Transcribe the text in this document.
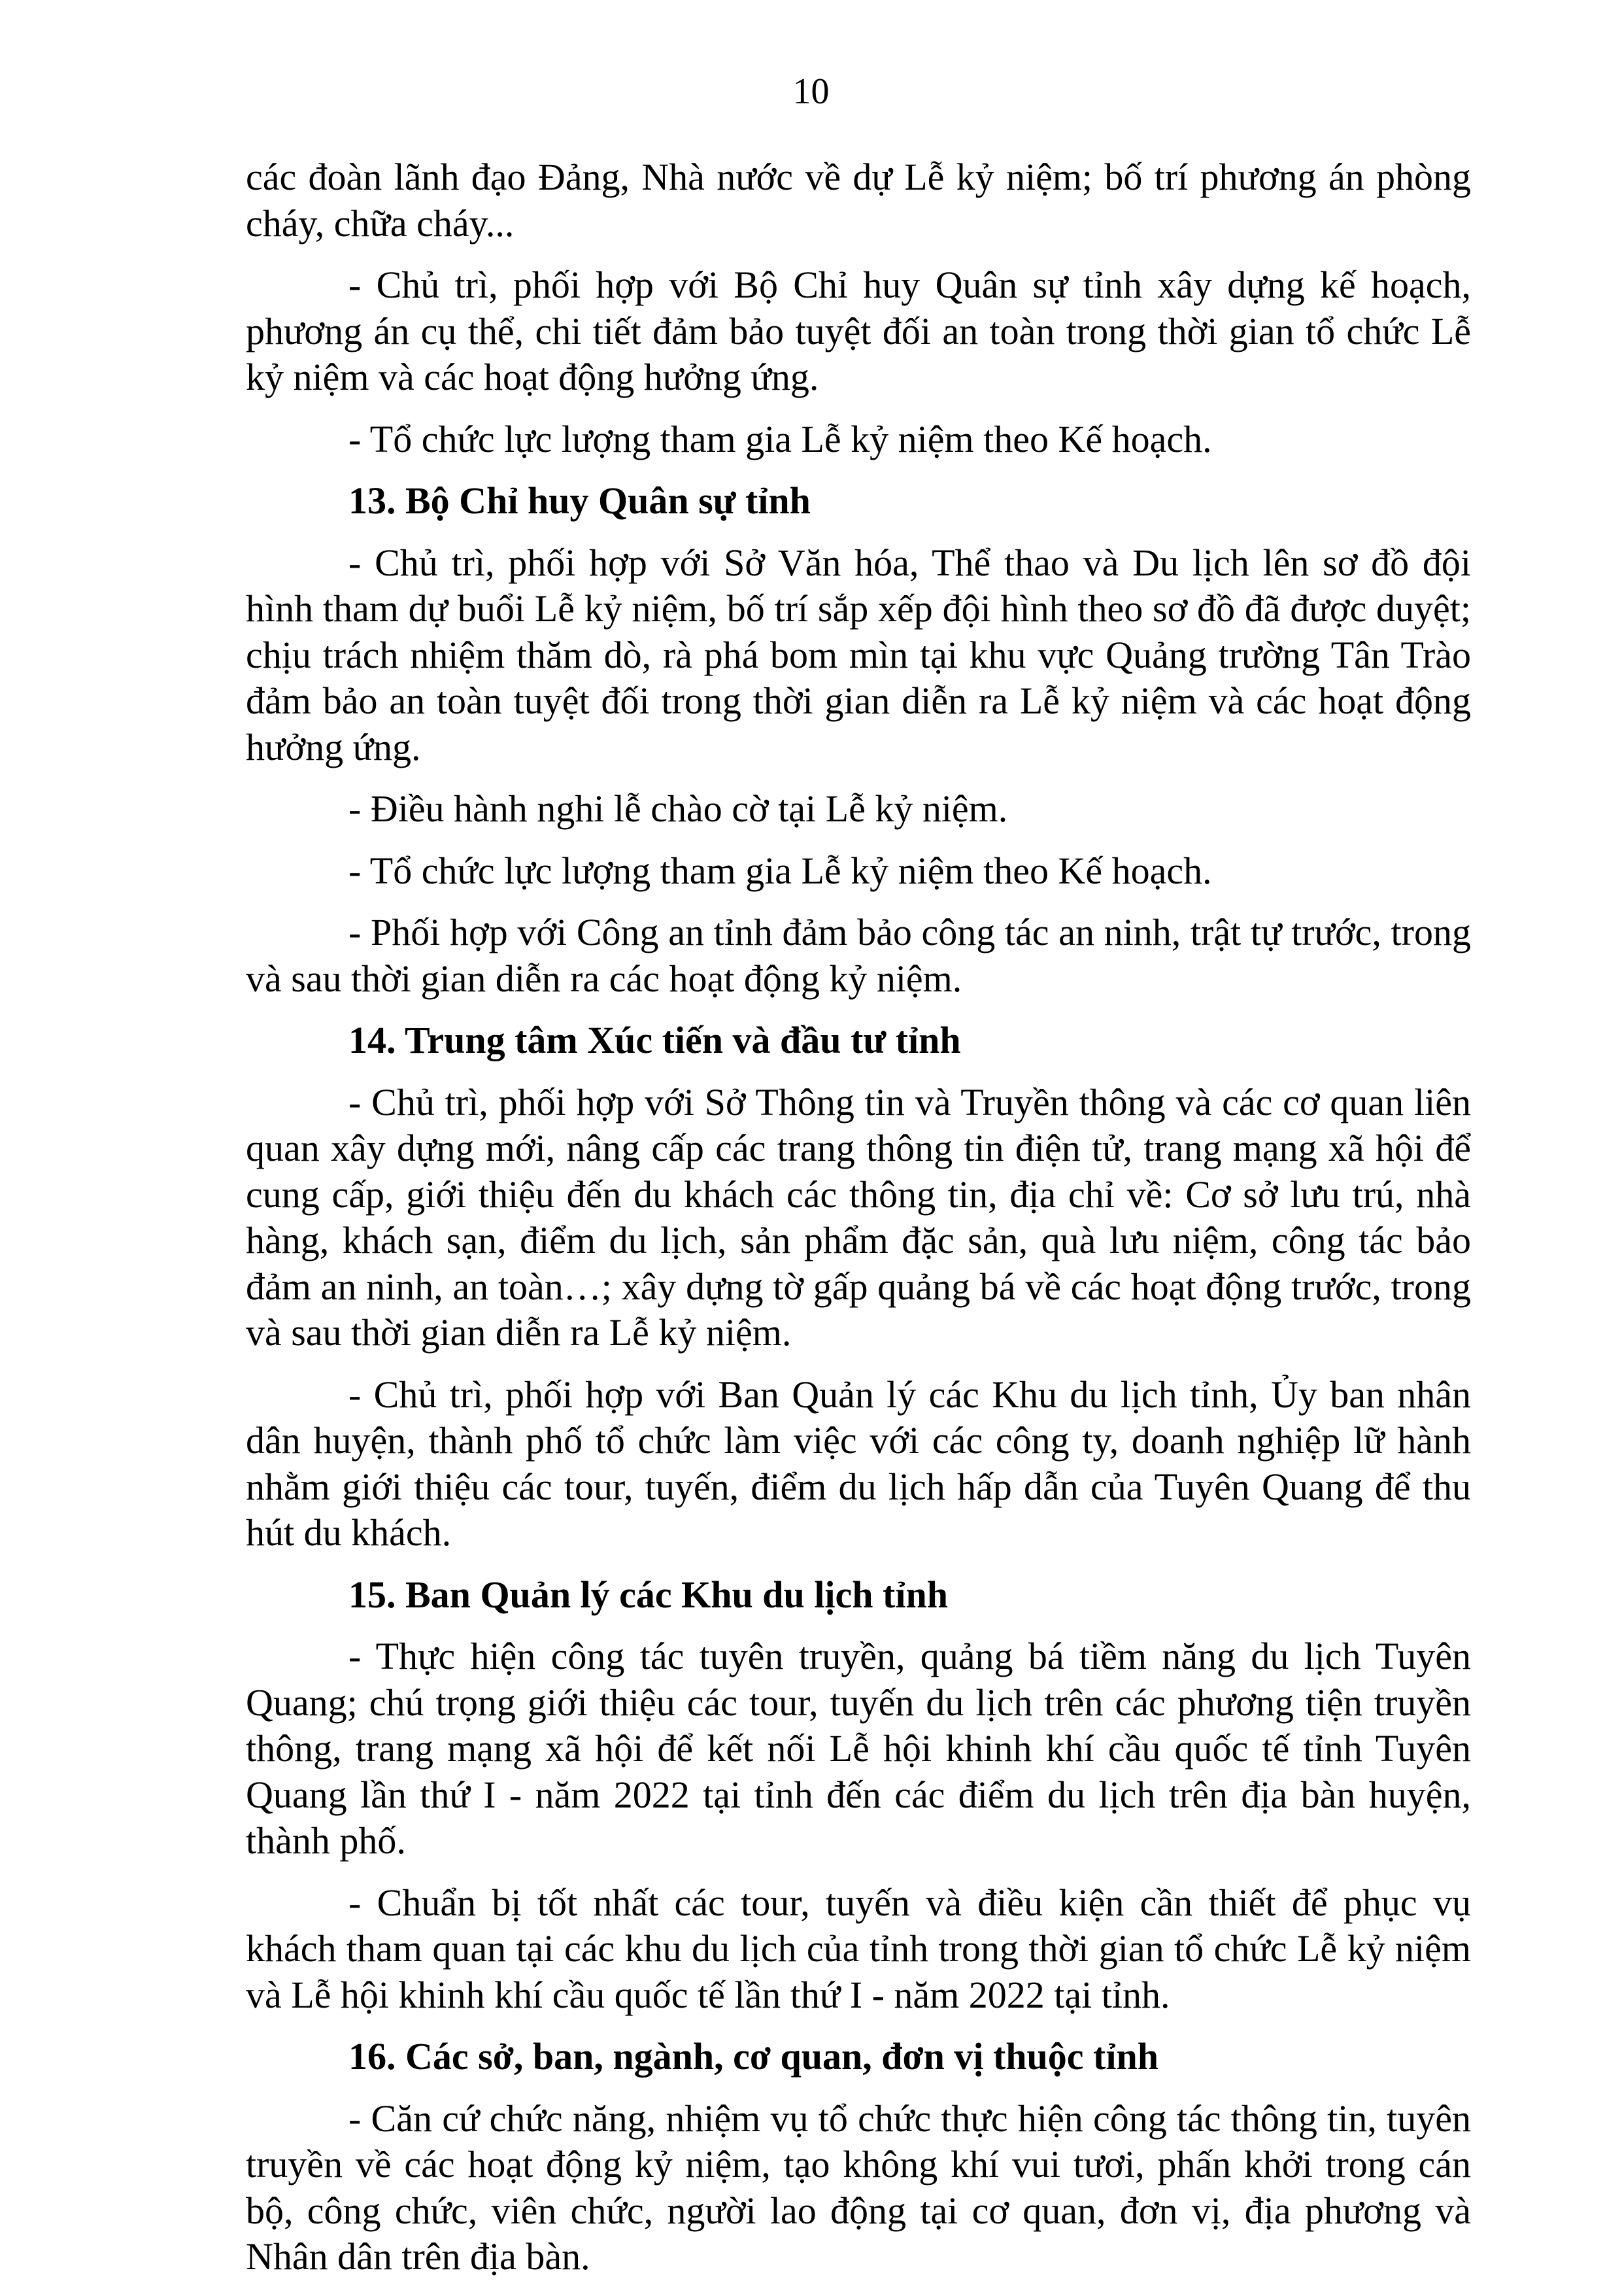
10

các đoàn lãnh đạo Đảng, Nhà nước về dự Lễ kỷ niệm; bố trí phương án phòng cháy, chữa cháy...

- Chủ trì, phối hợp với Bộ Chỉ huy Quân sự tỉnh xây dựng kế hoạch, phương án cụ thể, chi tiết đảm bảo tuyệt đối an toàn trong thời gian tổ chức Lễ kỷ niệm và các hoạt động hưởng ứng.

- Tổ chức lực lượng tham gia Lễ kỷ niệm theo Kế hoạch.

13. Bộ Chỉ huy Quân sự tỉnh

- Chủ trì, phối hợp với Sở Văn hóa, Thể thao và Du lịch lên sơ đồ đội hình tham dự buổi Lễ kỷ niệm, bố trí sắp xếp đội hình theo sơ đồ đã được duyệt; chịu trách nhiệm thăm dò, rà phá bom mìn tại khu vực Quảng trường Tân Trào đảm bảo an toàn tuyệt đối trong thời gian diễn ra Lễ kỷ niệm và các hoạt động hưởng ứng.

- Điều hành nghi lễ chào cờ tại Lễ kỷ niệm.

- Tổ chức lực lượng tham gia Lễ kỷ niệm theo Kế hoạch.

- Phối hợp với Công an tỉnh đảm bảo công tác an ninh, trật tự trước, trong và sau thời gian diễn ra các hoạt động kỷ niệm.

14. Trung tâm Xúc tiến và đầu tư tỉnh

- Chủ trì, phối hợp với Sở Thông tin và Truyền thông và các cơ quan liên quan xây dựng mới, nâng cấp các trang thông tin điện tử, trang mạng xã hội để cung cấp, giới thiệu đến du khách các thông tin, địa chỉ về: Cơ sở lưu trú, nhà hàng, khách sạn, điểm du lịch, sản phẩm đặc sản, quà lưu niệm, công tác bảo đảm an ninh, an toàn…; xây dựng tờ gấp quảng bá về các hoạt động trước, trong và sau thời gian diễn ra Lễ kỷ niệm.

- Chủ trì, phối hợp với Ban Quản lý các Khu du lịch tỉnh, Ủy ban nhân dân huyện, thành phố tổ chức làm việc với các công ty, doanh nghiệp lữ hành nhằm giới thiệu các tour, tuyến, điểm du lịch hấp dẫn của Tuyên Quang để thu hút du khách.

15. Ban Quản lý các Khu du lịch tỉnh

- Thực hiện công tác tuyên truyền, quảng bá tiềm năng du lịch Tuyên Quang; chú trọng giới thiệu các tour, tuyến du lịch trên các phương tiện truyền thông, trang mạng xã hội để kết nối Lễ hội khinh khí cầu quốc tế tỉnh Tuyên Quang lần thứ I - năm 2022 tại tỉnh đến các điểm du lịch trên địa bàn huyện, thành phố.

- Chuẩn bị tốt nhất các tour, tuyến và điều kiện cần thiết để phục vụ khách tham quan tại các khu du lịch của tỉnh trong thời gian tổ chức Lễ kỷ niệm và Lễ hội khinh khí cầu quốc tế lần thứ I - năm 2022 tại tỉnh.

16. Các sở, ban, ngành, cơ quan, đơn vị thuộc tỉnh

- Căn cứ chức năng, nhiệm vụ tổ chức thực hiện công tác thông tin, tuyên truyền về các hoạt động kỷ niệm, tạo không khí vui tươi, phấn khởi trong cán bộ, công chức, viên chức, người lao động tại cơ quan, đơn vị, địa phương và Nhân dân trên địa bàn.
